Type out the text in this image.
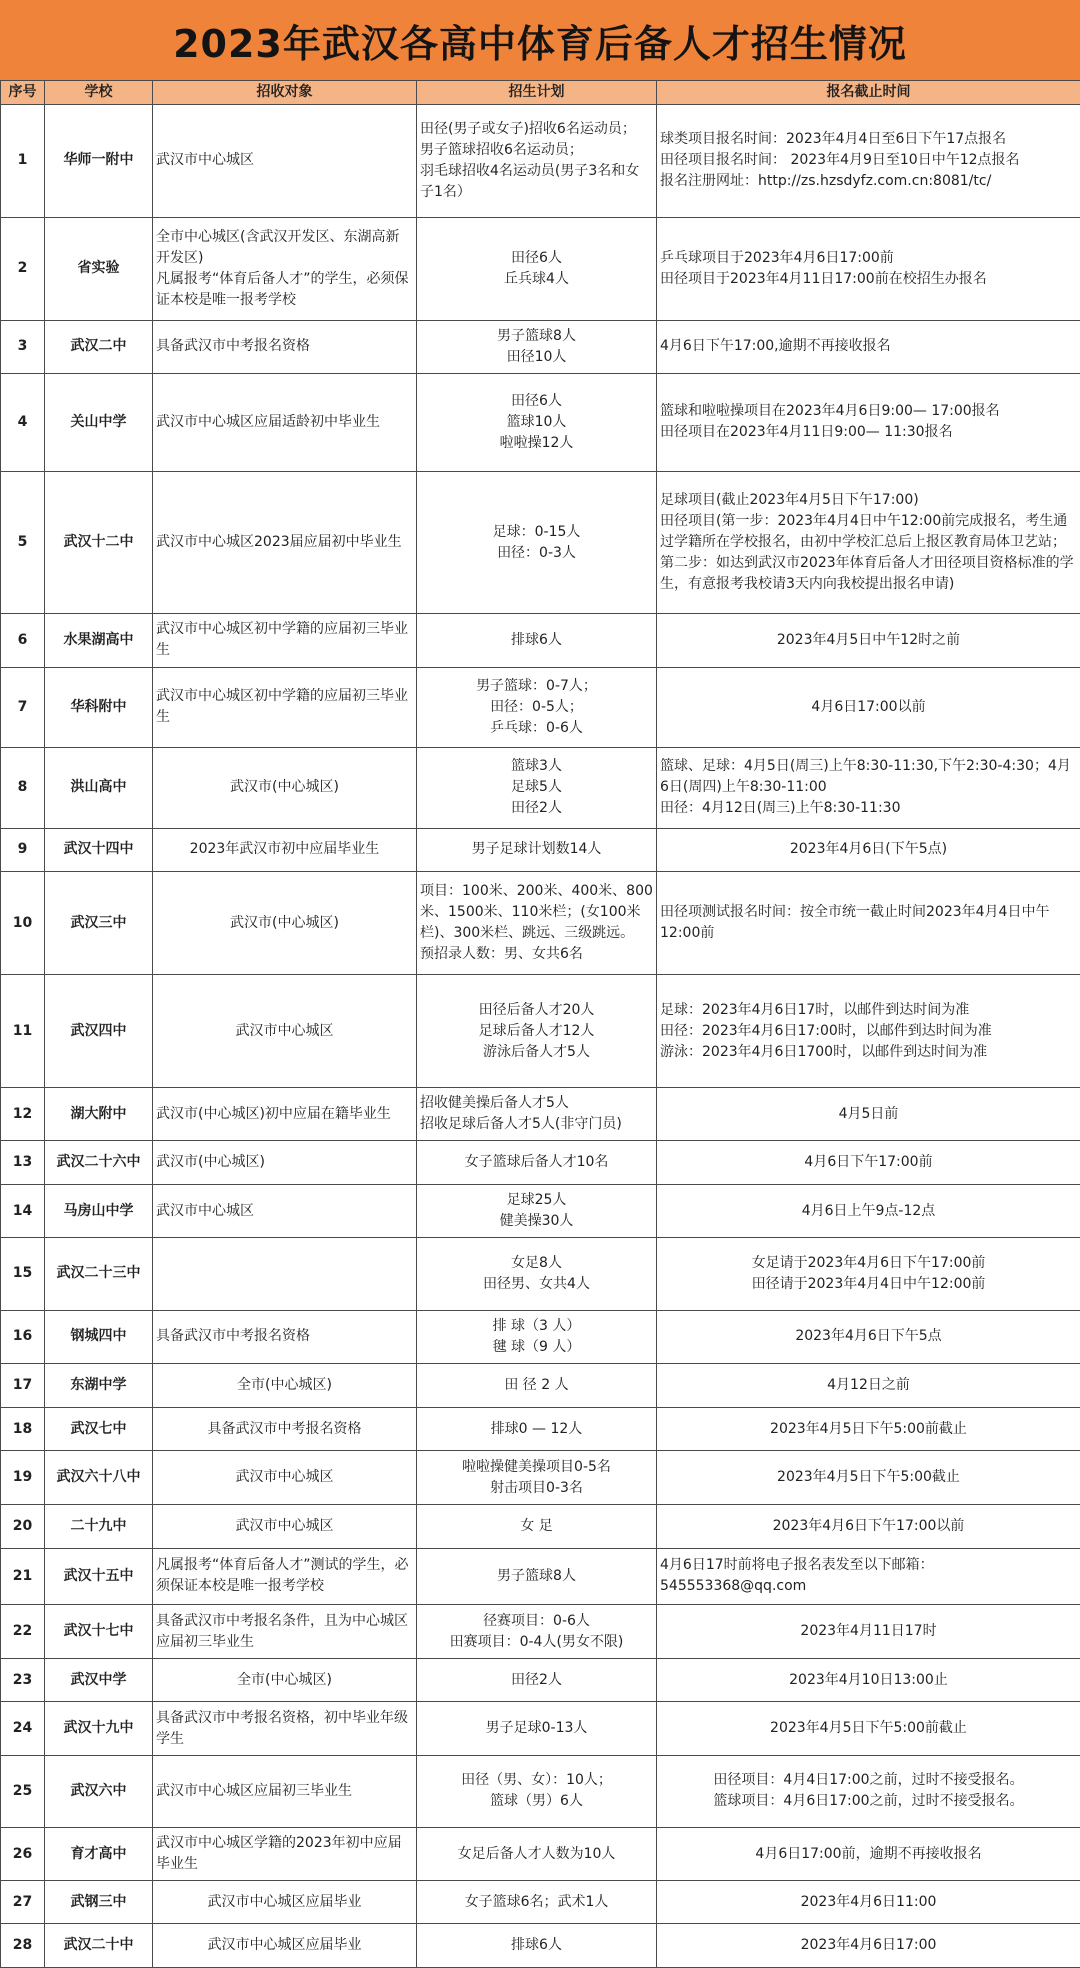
2023年武汉各高中体育后备人才招生情况
序号	学校	招收对象	招生计划	报名截止时间
1	华师一附中	武汉市中心城区	田径(男子或女子)招收6名运动员；
男子篮球招收6名运动员；
羽毛球招收4名运动员(男子3名和女子1名）	球类项目报名时间：2023年4月4日至6日下午17点报名
田径项目报名时间： 2023年4月9日至10日中午12点报名
报名注册网址：http://zs.hzsdyfz.com.cn:8081/tc/
2	省实验	全市中心城区(含武汉开发区、东湖高新开发区)
凡属报考“体育后备人才”的学生，必须保证本校是唯一报考学校	田径6人
丘兵球4人	乒乓球项目于2023年4月6日17:00前
田径项目于2023年4月11日17:00前在校招生办报名
3	武汉二中	具备武汉市中考报名资格	男子篮球8人
田径10人	4月6日下午17:00,逾期不再接收报名
4	关山中学	武汉市中心城区应届适龄初中毕业生	田径6人
篮球10人
啦啦操12人	篮球和啦啦操项目在2023年4月6日9:00— 17:00报名
田径项目在2023年4月11日9:00— 11:30报名
5	武汉十二中	武汉市中心城区2023届应届初中毕业生	足球：0-15人
田径：0-3人	足球项目(截止2023年4月5日下午17:00)
田径项目(第一步：2023年4月4日中午12:00前完成报名，考生通过学籍所在学校报名，由初中学校汇总后上报区教育局体卫艺站；第二步：如达到武汉市2023年体育后备人才田径项目资格标准的学生，有意报考我校请3天内向我校提出报名申请)
6	水果湖高中	武汉市中心城区初中学籍的应届初三毕业生	排球6人	2023年4月5日中午12时之前
7	华科附中	武汉市中心城区初中学籍的应届初三毕业生	男子篮球：0-7人；
田径：0-5人；
乒乓球：0-6人	4月6日17:00以前
8	洪山高中	武汉市(中心城区)	篮球3人
足球5人
田径2人	篮球、足球：4月5日(周三)上午8:30-11:30,下午2:30-4:30；4月6日(周四)上午8:30-11:00
田径：4月12日(周三)上午8:30-11:30
9	武汉十四中	2023年武汉市初中应届毕业生	男子足球计划数14人	2023年4月6日(下午5点)
10	武汉三中	武汉市(中心城区)	项目：100米、200米、400米、800米、1500米、110米栏；(女100米栏)、300米栏、跳远、三级跳远。
预招录人数：男、女共6名	田径项测试报名时间：按全市统一截止时间2023年4月4日中午12:00前
11	武汉四中	武汉市中心城区	田径后备人才20人
足球后备人才12人
游泳后备人才5人	足球：2023年4月6日17时，以邮件到达时间为准
田径：2023年4月6日17:00时，以邮件到达时间为准
游泳：2023年4月6日1700时，以邮件到达时间为准
12	湖大附中	武汉市(中心城区)初中应届在籍毕业生	招收健美操后备人才5人
招收足球后备人才5人(非守门员)	4月5日前
13	武汉二十六中	武汉市(中心城区)	女子篮球后备人才10名	4月6日下午17:00前
14	马房山中学	武汉市中心城区	足球25人
健美操30人	4月6日上午9点-12点
15	武汉二十三中		女足8人
田径男、女共4人	女足请于2023年4月6日下午17:00前
田径请于2023年4月4日中午12:00前
16	钢城四中	具备武汉市中考报名资格	排 球（3 人）
毽 球（9 人）	2023年4月6日下午5点
17	东湖中学	全市(中心城区)	田 径 2 人	4月12日之前
18	武汉七中	具备武汉市中考报名资格	排球0 — 12人	2023年4月5日下午5:00前截止
19	武汉六十八中	武汉市中心城区	啦啦操健美操项目0-5名
射击项目0-3名	2023年4月5日下午5:00截止
20	二十九中	武汉市中心城区	女 足	2023年4月6日下午17:00以前
21	武汉十五中	凡属报考“体育后备人才”测试的学生，必须保证本校是唯一报考学校	男子篮球8人	4月6日17时前将电子报名表发至以下邮箱：
545553368@qq.com
22	武汉十七中	具备武汉市中考报名条件，且为中心城区应届初三毕业生	径赛项目：0-6人
田赛项目：0-4人(男女不限)	2023年4月11日17时
23	武汉中学	全市(中心城区)	田径2人	2023年4月10日13:00止
24	武汉十九中	具备武汉市中考报名资格，初中毕业年级学生	男子足球0-13人	2023年4月5日下午5:00前截止
25	武汉六中	武汉市中心城区应届初三毕业生	田径（男、女）：10人；
篮球（男）6人	田径项目：4月4日17:00之前，过时不接受报名。
篮球项目：4月6日17:00之前，过时不接受报名。
26	育才高中	武汉市中心城区学籍的2023年初中应届毕业生	女足后备人才人数为10人	4月6日17:00前，逾期不再接收报名
27	武钢三中	武汉市中心城区应届毕业	女子篮球6名；武术1人	2023年4月6日11:00
28	武汉二十中	武汉市中心城区应届毕业	排球6人	2023年4月6日17:00
